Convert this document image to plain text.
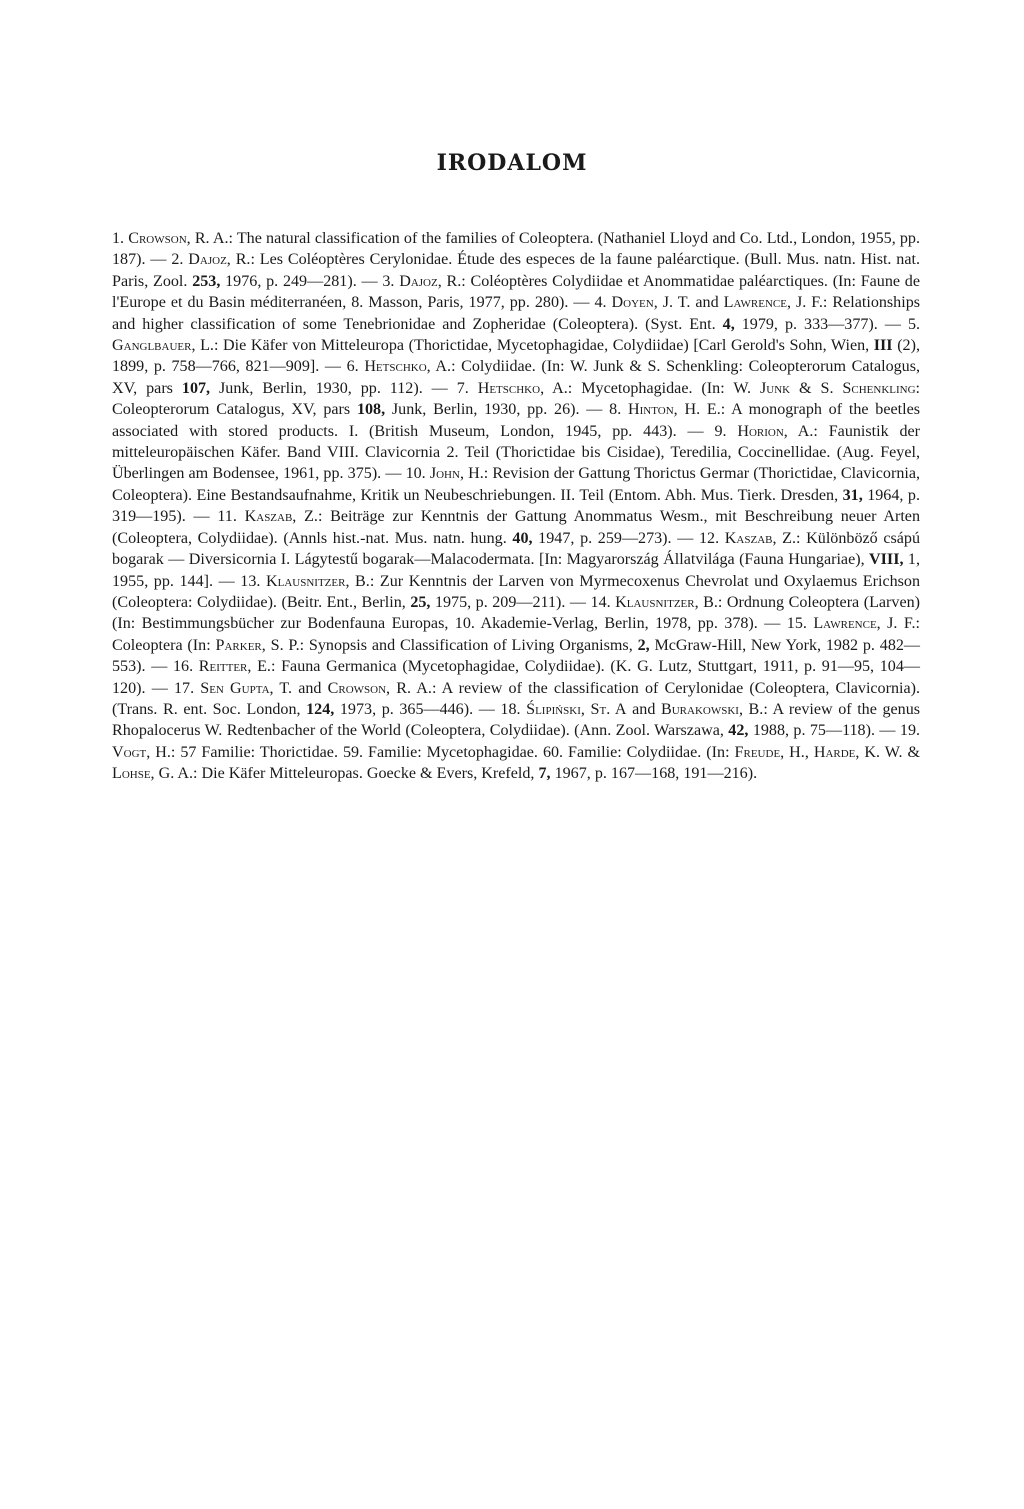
IRODALOM
1. Crowson, R. A.: The natural classification of the families of Coleoptera. (Nathaniel Lloyd and Co. Ltd., London, 1955, pp. 187). — 2. Dajoz, R.: Les Coléoptères Cerylonidae. Étude des especes de la faune paléarctique. (Bull. Mus. natn. Hist. nat. Paris, Zool. 253, 1976, p. 249—281). — 3. Dajoz, R.: Coléoptères Colydiidae et Anommatidae paléarctiques. (In: Faune de l'Europe et du Basin méditerranéen, 8. Masson, Paris, 1977, pp. 280). — 4. Doyen, J. T. and Lawrence, J. F.: Relationships and higher classification of some Tenebrionidae and Zopheridae (Coleoptera). (Syst. Ent. 4, 1979, p. 333—377). — 5. Ganglbauer, L.: Die Käfer von Mitteleuropa (Thorictidae, Mycetophagidae, Colydiidae) [Carl Gerold's Sohn, Wien, III (2), 1899, p. 758—766, 821—909]. — 6. Hetschko, A.: Colydiidae. (In: W. Junk & S. Schenkling: Coleopterorum Catalogus, XV, pars 107, Junk, Berlin, 1930, pp. 112). — 7. Hetschko, A.: Mycetophagidae. (In: W. Junk & S. Schenkling: Coleopterorum Catalogus, XV, pars 108, Junk, Berlin, 1930, pp. 26). — 8. Hinton, H. E.: A monograph of the beetles associated with stored products. I. (British Museum, London, 1945, pp. 443). — 9. Horion, A.: Faunistik der mitteleuropäischen Käfer. Band VIII. Clavicornia 2. Teil (Thorictidae bis Cisidae), Teredilia, Coccinellidae. (Aug. Feyel, Überlingen am Bodensee, 1961, pp. 375). — 10. John, H.: Revision der Gattung Thorictus Germar (Thorictidae, Clavicornia, Coleoptera). Eine Bestandsaufnahme, Kritik un Neubeschriebungen. II. Teil (Entom. Abh. Mus. Tierk. Dresden, 31, 1964, p. 319—195). — 11. Kaszab, Z.: Beiträge zur Kenntnis der Gattung Anommatus Wesm., mit Beschreibung neuer Arten (Coleoptera, Colydiidae). (Annls hist.-nat. Mus. natn. hung. 40, 1947, p. 259—273). — 12. Kaszab, Z.: Különböző csápú bogarak — Diversicornia I. Lágytestű bogarak—Malacodermata. [In: Magyarország Állatvilága (Fauna Hungariae), VIII, 1, 1955, pp. 144]. — 13. Klausnitzer, B.: Zur Kenntnis der Larven von Myrmecoxenus Chevrolat und Oxylaemus Erichson (Coleoptera: Colydiidae). (Beitr. Ent., Berlin, 25, 1975, p. 209—211). — 14. Klausnitzer, B.: Ordnung Coleoptera (Larven) (In: Bestimmungsbücher zur Bodenfauna Europas, 10. Akademie-Verlag, Berlin, 1978, pp. 378). — 15. Lawrence, J. F.: Coleoptera (In: Parker, S. P.: Synopsis and Classification of Living Organisms, 2, McGraw-Hill, New York, 1982 p. 482—553). — 16. Reitter, E.: Fauna Germanica (Mycetophagidae, Colydiidae). (K. G. Lutz, Stuttgart, 1911, p. 91—95, 104—120). — 17. Sen Gupta, T. and Crowson, R. A.: A review of the classification of Cerylonidae (Coleoptera, Clavicornia). (Trans. R. ent. Soc. London, 124, 1973, p. 365—446). — 18. Ślipiński, St. A and Burakowski, B.: A review of the genus Rhopalocerus W. Redtenbacher of the World (Coleoptera, Colydiidae). (Ann. Zool. Warszawa, 42, 1988, p. 75—118). — 19. Vogt, H.: 57 Familie: Thorictidae. 59. Familie: Mycetophagidae. 60. Familie: Colydiidae. (In: Freude, H., Harde, K. W. & Lohse, G. A.: Die Käfer Mitteleuropas. Goecke & Evers, Krefeld, 7, 1967, p. 167—168, 191—216).
